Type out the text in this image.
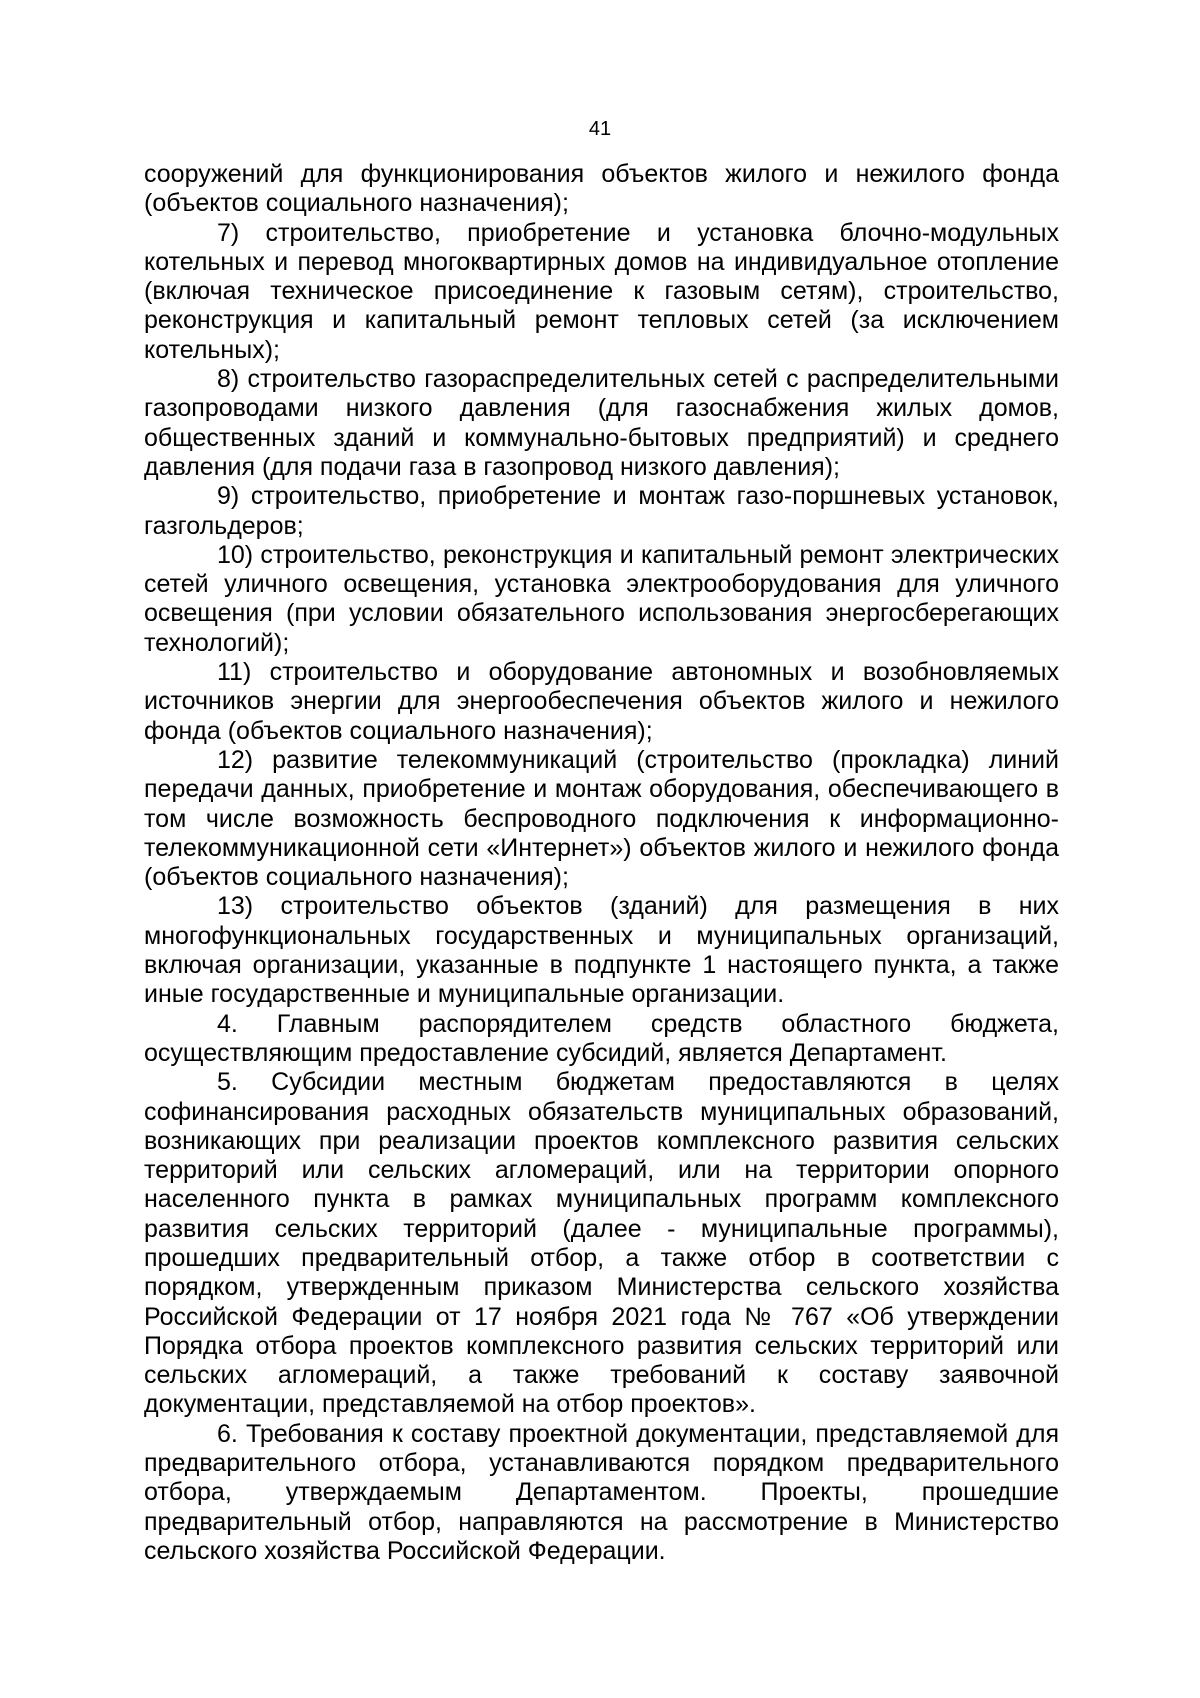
41

сооружений для функционирования объектов жилого и нежилого фонда (объектов социального назначения);

7) строительство, приобретение и установка блочно-модульных котельных и перевод многоквартирных домов на индивидуальное отопление (включая техническое присоединение к газовым сетям), строительство, реконструкция и капитальный ремонт тепловых сетей (за исключением котельных);

8) строительство газораспределительных сетей с распределительными газопроводами низкого давления (для газоснабжения жилых домов, общественных зданий и коммунально-бытовых предприятий) и среднего давления (для подачи газа в газопровод низкого давления);

9) строительство, приобретение и монтаж газо-поршневых установок, газгольдеров;

10) строительство, реконструкция и капитальный ремонт электрических сетей уличного освещения, установка электрооборудования для уличного освещения (при условии обязательного использования энергосберегающих технологий);

11) строительство и оборудование автономных и возобновляемых источников энергии для энергообеспечения объектов жилого и нежилого фонда (объектов социального назначения);

12) развитие телекоммуникаций (строительство (прокладка) линий передачи данных, приобретение и монтаж оборудования, обеспечивающего в том числе возможность беспроводного подключения к информационно-телекоммуникационной сети «Интернет») объектов жилого и нежилого фонда (объектов социального назначения);

13) строительство объектов (зданий) для размещения в них многофункциональных государственных и муниципальных организаций, включая организации, указанные в подпункте 1 настоящего пункта, а также иные государственные и муниципальные организации.

4. Главным распорядителем средств областного бюджета, осуществляющим предоставление субсидий, является Департамент.

5. Субсидии местным бюджетам предоставляются в целях софинансирования расходных обязательств муниципальных образований, возникающих при реализации проектов комплексного развития сельских территорий или сельских агломераций, или на территории опорного населенного пункта в рамках муниципальных программ комплексного развития сельских территорий (далее - муниципальные программы), прошедших предварительный отбор, а также отбор в соответствии с порядком, утвержденным приказом Министерства сельского хозяйства Российской Федерации от 17 ноября 2021 года № 767 «Об утверждении Порядка отбора проектов комплексного развития сельских территорий или сельских агломераций, а также требований к составу заявочной документации, представляемой на отбор проектов».

6. Требования к составу проектной документации, представляемой для предварительного отбора, устанавливаются порядком предварительного отбора, утверждаемым Департаментом. Проекты, прошедшие предварительный отбор, направляются на рассмотрение в Министерство сельского хозяйства Российской Федерации.
